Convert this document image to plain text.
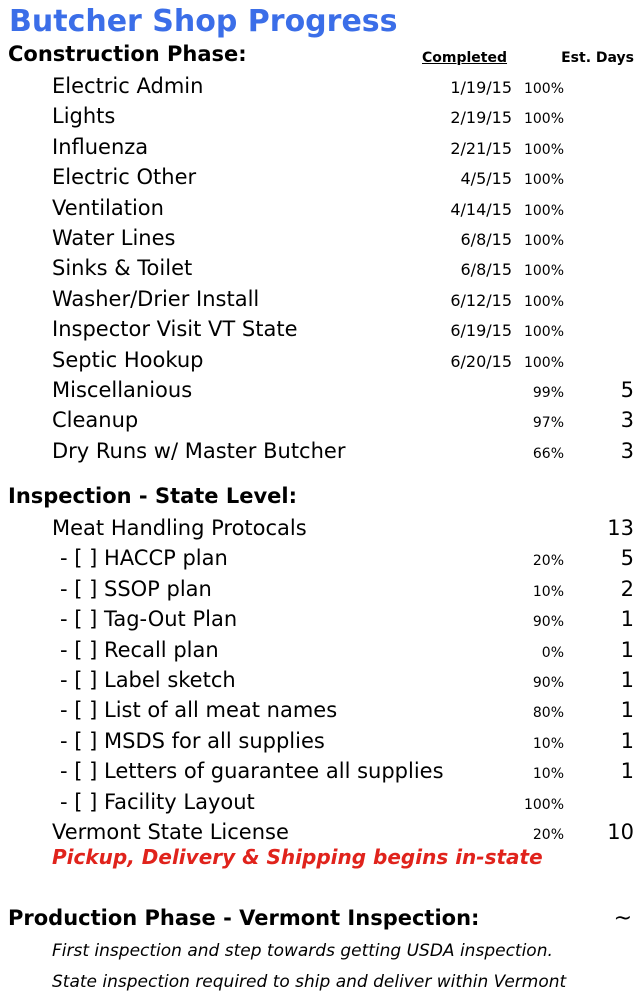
Butcher Shop Progress
Construction Phase:	Completed	Est. Days
Electric Admin	1/19/15 100%
Lights	2/19/15 100%
Influenza	2/21/15 100%
Electric Other	4/5/15 100%
Ventilation	4/14/15 100%
Water Lines	6/8/15 100%
Sinks & Toilet	6/8/15 100%
Washer/Drier Install	6/12/15 100%
Inspector Visit VT State	6/19/15 100%
Septic Hookup	6/20/15 100%
Miscellanious	99%	5
Cleanup	97%	3
Dry Runs w/ Master Butcher	66%	3
Inspection - State Level:
Meat Handling Protocals	13
- [ ] HACCP plan	20%	5
- [ ] SSOP plan	10%	2
- [ ] Tag-Out Plan	90%	1
- [ ] Recall plan	0%	1
- [ ] Label sketch	90%	1
- [ ] List of all meat names	80%	1
- [ ] MSDS for all supplies	10%	1
- [ ] Letters of guarantee all supplies	10%	1
- [ ] Facility Layout	100%
Vermont State License	20% 10
Pickup, Delivery & Shipping begins in-state
Production Phase - Vermont Inspection:	~
First inspection and step towards getting USDA inspection.
State inspection required to ship and deliver within Vermont
